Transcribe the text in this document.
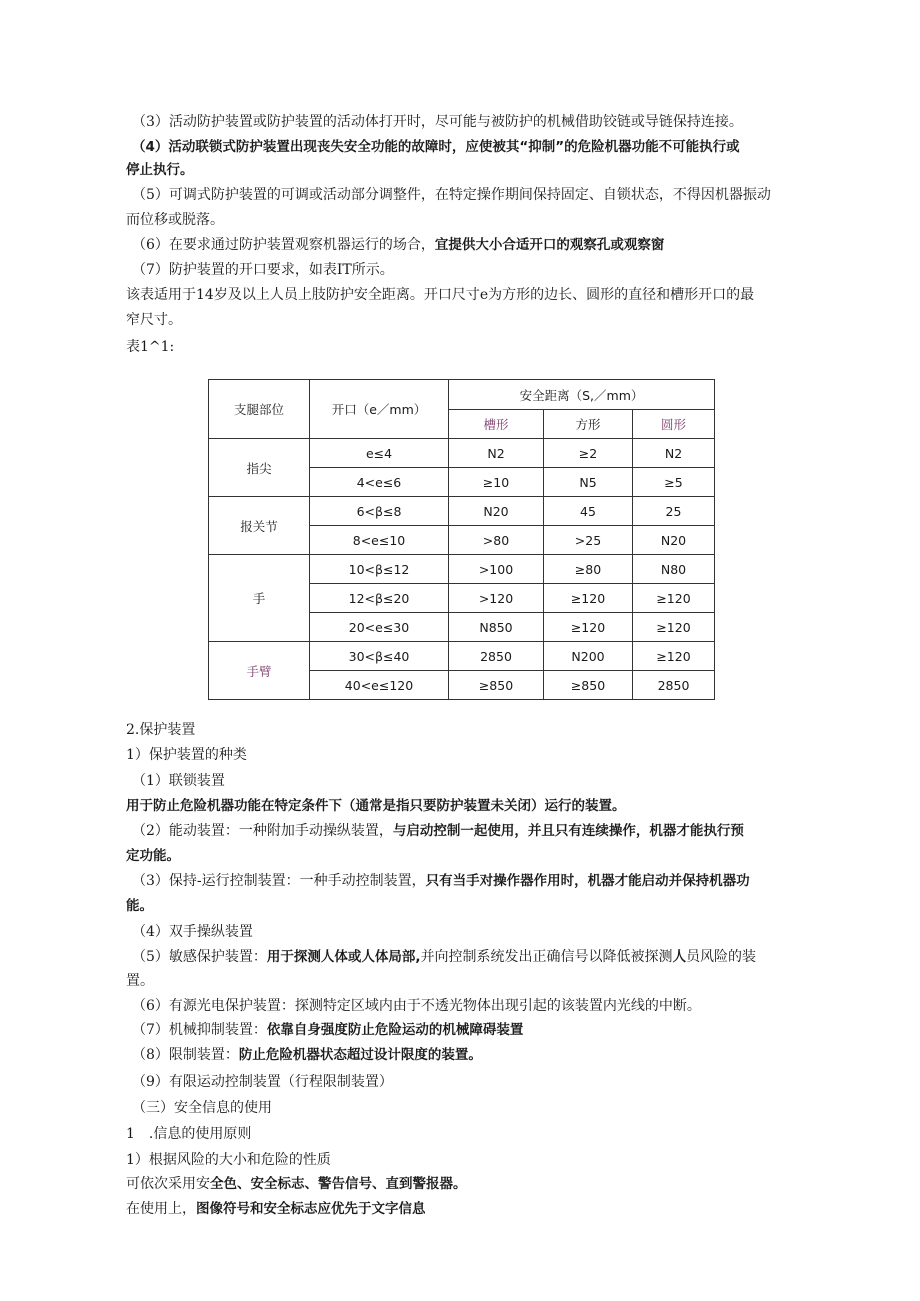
（3）活动防护装置或防护装置的活动体打开时，尽可能与被防护的机械借助铰链或导链保持连接。
（4）活动联锁式防护装置出现丧失安全功能的故障时，应使被其“抑制”的危险机器功能不可能执行或
停止执行。
（5）可调式防护装置的可调或活动部分调整件，在特定操作期间保持固定、自锁状态，不得因机器振动
而位移或脱落。
（6）在要求通过防护装置观察机器运行的场合，宜提供大小合适开口的观察孔或观察窗
（7）防护装置的开口要求，如表IT所示。
该表适用于14岁及以上人员上肢防护安全距离。开口尺寸e为方形的边长、圆形的直径和槽形开口的最
窄尺寸。
表1^1:
支腿部位	开口（e／mm）	安全距离（S,／mm）		
		槽形	方形	圆形
指尖	e≤4	N2	≥2	N2
	4<e≤6	≥10	N5	≥5
报关节	6<β≤8	N20	45	25
	8<e≤10	>80	>25	N20
手	10<β≤12	>100	≥80	N80
	12<β≤20	>120	≥120	≥120
	20<e≤30	N850	≥120	≥120
手臂	30<β≤40	2850	N200	≥120
	40<e≤120	≥850	≥850	2850
2.保护装置
1）保护装置的种类
（1）联锁装置
用于防止危险机器功能在特定条件下（通常是指只要防护装置未关闭）运行的装置。
（2）能动装置：一种附加手动操纵装置，与启动控制一起使用，并且只有连续操作，机器才能执行预
定功能。
（3）保持-运行控制装置：一种手动控制装置，只有当手对操作器作用时，机器才能启动并保持机器功
能。
（4）双手操纵装置
（5）敏感保护装置：用于探测人体或人体局部,并向控制系统发出正确信号以降低被探测人员风险的装
置。
（6）有源光电保护装置：探测特定区域内由于不透光物体出现引起的该装置内光线的中断。
（7）机械抑制装置：依靠自身强度防止危险运动的机械障碍装置
（8）限制装置：防止危险机器状态超过设计限度的装置。
（9）有限运动控制装置（行程限制装置）
（三）安全信息的使用
1　.信息的使用原则
1）根据风险的大小和危险的性质
可依次采用安全色、安全标志、警告信号、直到警报器。
在使用上，图像符号和安全标志应优先于文字信息
